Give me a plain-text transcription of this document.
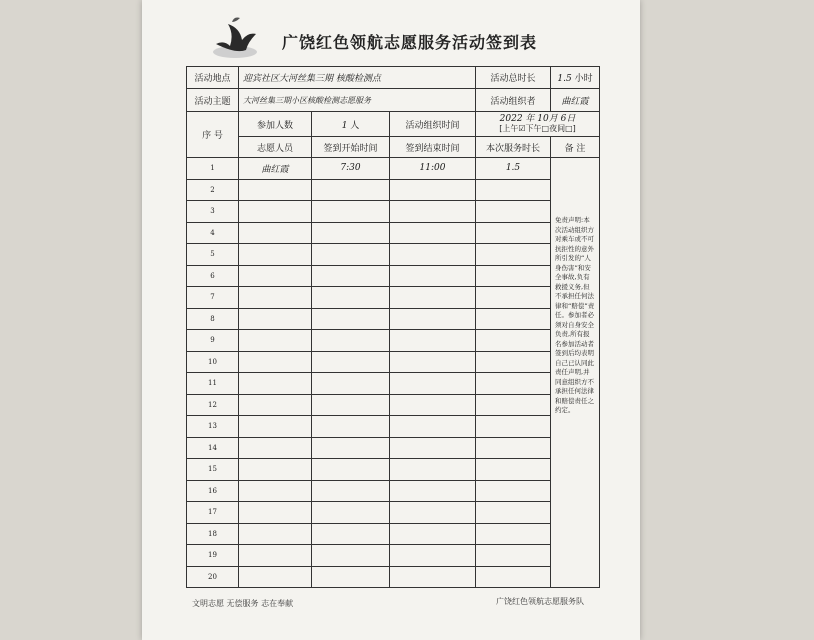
广饶红色领航志愿服务活动签到表
活动地点	迎宾社区大河丝集三期 核酸检测点			活动总时长	1.5 小时
活动主题	大河丝集三期小区核酸检测志愿服务			活动组织者	曲红霞
序 号	参加人数	1 人	活动组织时间	2022 年 10月 6日
[上午☑下午□夜间□]	

	志愿人员	签到开始时间	签到结束时间	本次服务时长	备 注
1	曲红霞	7:30	11:00	1.5	免责声明:本次活动组织方对乘车或不可抗拒性的意外所引发的“人身伤害”和安全事故,负有救援义务,但不承担任何法律和“赔偿”责任。参加者必须对自身安全负责,所有报名参加活动者签到后均表明自己已认同此责任声明,并同意组织方不承担任何法律和赔偿责任之约定。
2					
3					
4					
5					
6					
7					
8					
9					
10					
11					
12					
13					
14					
15					
16					
17					
18					
19					
20					
文明志愿 无偿服务 志在奉献	广饶红色领航志愿服务队
